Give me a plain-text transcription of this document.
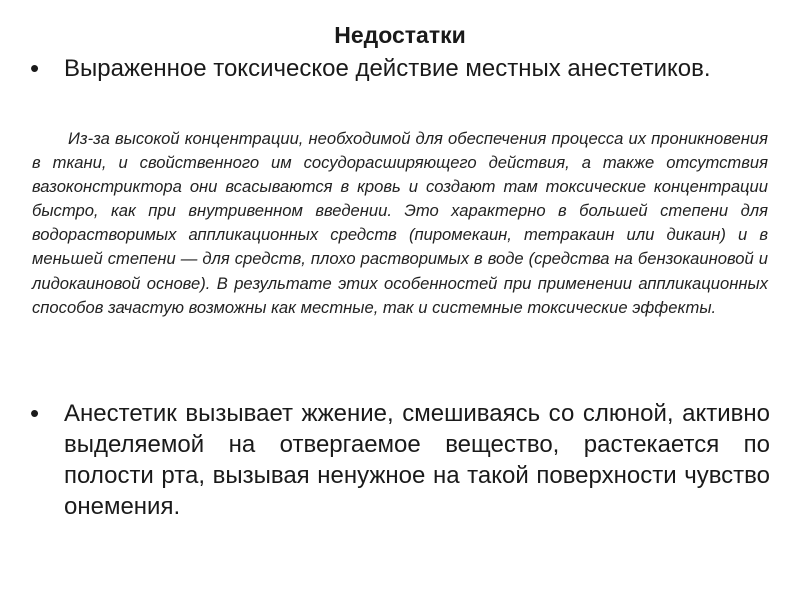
Недостатки
• Выраженное токсическое действие местных анестетиков.
Из-за высокой концентрации, необходимой для обеспечения процесса их проникновения в ткани, и свойственного им сосудорасширяющего действия, а также отсутствия вазоконстриктора они всасываются в кровь и создают там токсические концентрации быстро, как при внутривенном введении. Это характерно в большей степени для водорастворимых аппликационных средств (пиромекаин, тетракаин или дикаин) и в меньшей степени — для средств, плохо растворимых в воде (средства на бензокаиновой и лидокаиновой основе). В результате этих особенностей при применении аппликационных способов зачастую возможны как местные, так и системные токсические эффекты.
• Анестетик вызывает жжение, смешиваясь со слюной, активно выделяемой на отвергаемое вещество, растекается по полости рта, вызывая ненужное на такой поверхности чувство онемения.
